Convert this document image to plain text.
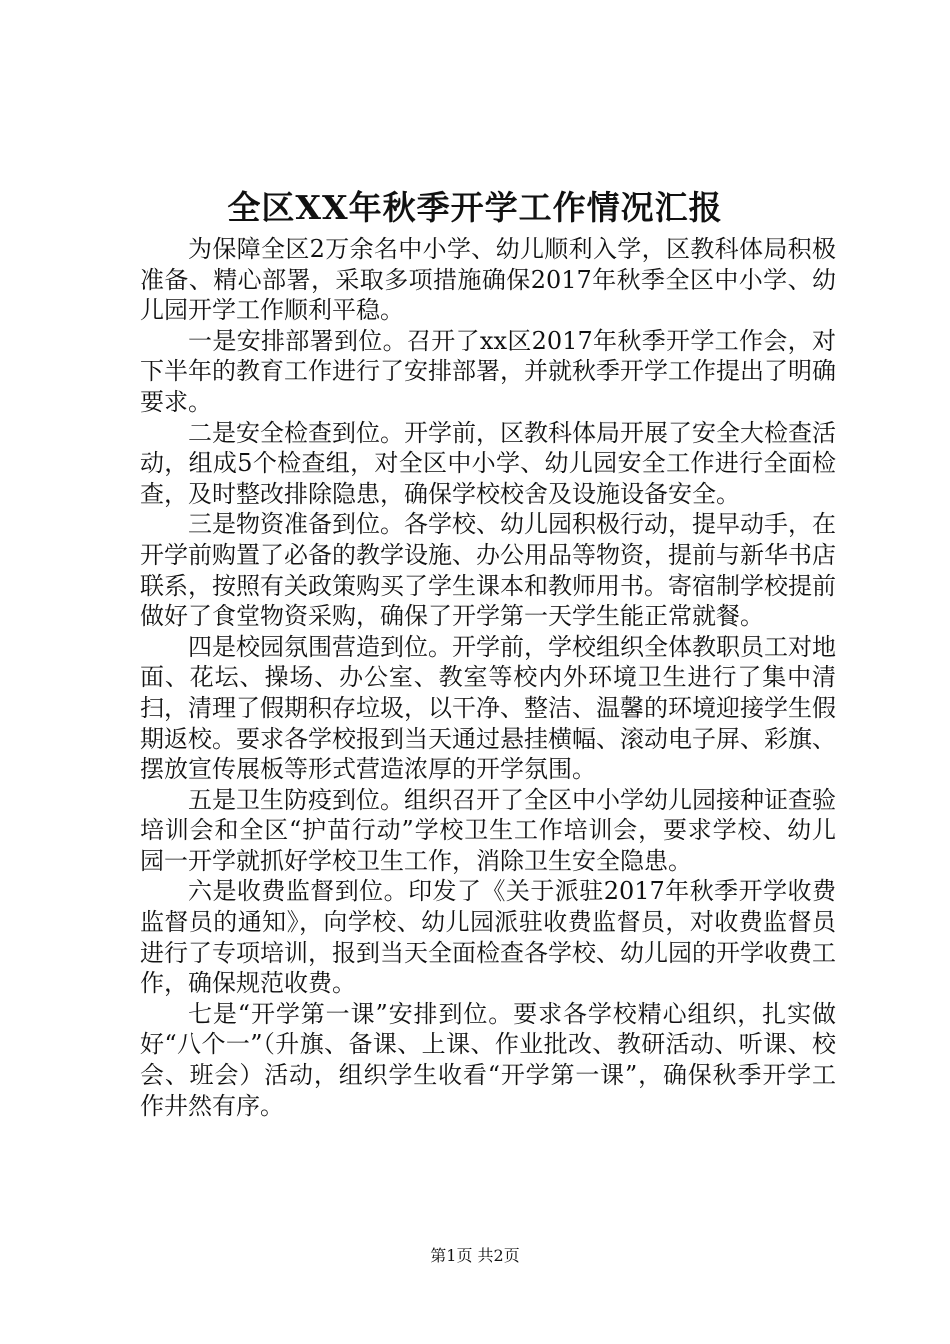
全区XX年秋季开学工作情况汇报

为保障全区2万余名中小学、幼儿顺利入学，区教科体局积极准备、精心部署，采取多项措施确保2017年秋季全区中小学、幼儿园开学工作顺利平稳。

一是安排部署到位。召开了xx区2017年秋季开学工作会，对下半年的教育工作进行了安排部署，并就秋季开学工作提出了明确要求。

二是安全检查到位。开学前，区教科体局开展了安全大检查活动，组成5个检查组，对全区中小学、幼儿园安全工作进行全面检查，及时整改排除隐患，确保学校校舍及设施设备安全。

三是物资准备到位。各学校、幼儿园积极行动，提早动手，在开学前购置了必备的教学设施、办公用品等物资，提前与新华书店联系，按照有关政策购买了学生课本和教师用书。寄宿制学校提前做好了食堂物资采购，确保了开学第一天学生能正常就餐。

四是校园氛围营造到位。开学前，学校组织全体教职员工对地面、花坛、操场、办公室、教室等校内外环境卫生进行了集中清扫，清理了假期积存垃圾，以干净、整洁、温馨的环境迎接学生假期返校。要求各学校报到当天通过悬挂横幅、滚动电子屏、彩旗、摆放宣传展板等形式营造浓厚的开学氛围。

五是卫生防疫到位。组织召开了全区中小学幼儿园接种证查验培训会和全区“护苗行动”学校卫生工作培训会，要求学校、幼儿园一开学就抓好学校卫生工作，消除卫生安全隐患。

六是收费监督到位。印发了《关于派驻2017年秋季开学收费监督员的通知》，向学校、幼儿园派驻收费监督员，对收费监督员进行了专项培训，报到当天全面检查各学校、幼儿园的开学收费工作，确保规范收费。

七是“开学第一课”安排到位。要求各学校精心组织，扎实做好“八个一”（升旗、备课、上课、作业批改、教研活动、听课、校会、班会）活动，组织学生收看“开学第一课”，确保秋季开学工作井然有序。

第1页 共2页
